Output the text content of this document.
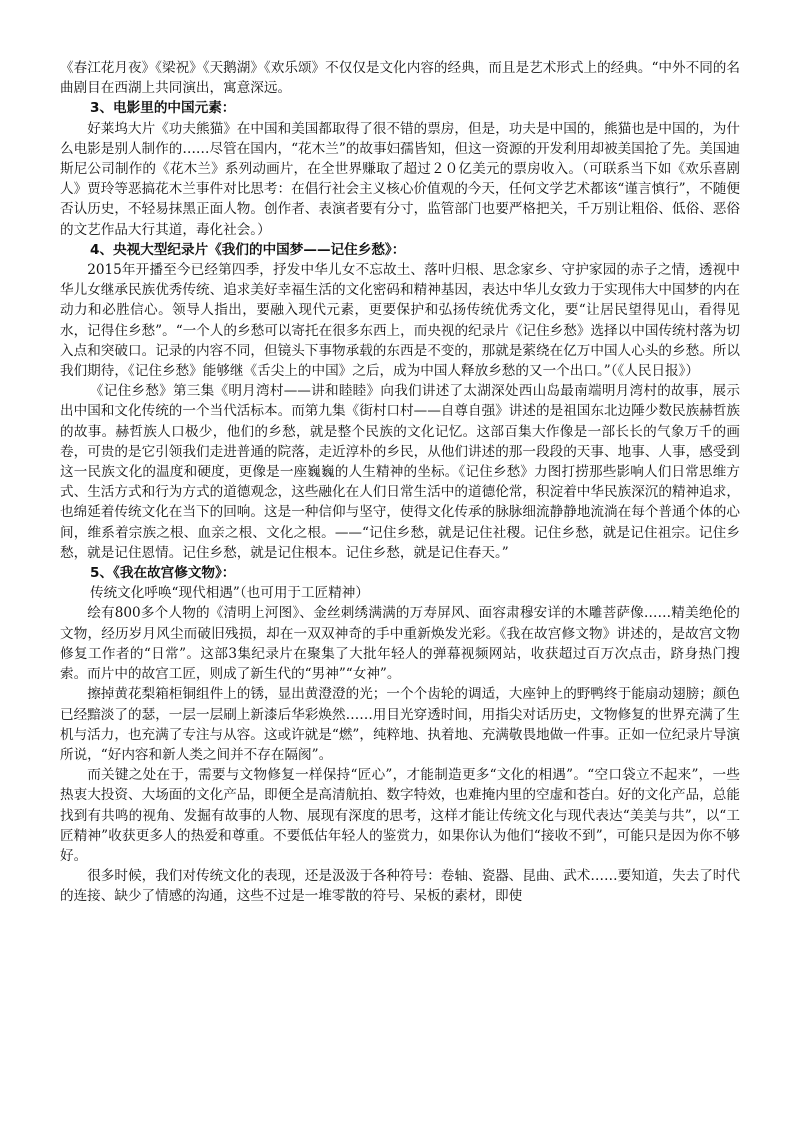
《春江花月夜》《梁祝》《天鹅湖》《欢乐颂》不仅仅是文化内容的经典，而且是艺术形式上的经典。“中外不同的名曲剧目在西湖上共同演出，寓意深远。

3、电影里的中国元素：

好莱坞大片《功夫熊猫》在中国和美国都取得了很不错的票房，但是，功夫是中国的，熊猫也是中国的，为什么电影是别人制作的……尽管在国内，“花木兰”的故事妇孺皆知，但这一资源的开发利用却被美国抢了先。美国迪斯尼公司制作的《花木兰》系列动画片，在全世界赚取了超过２０亿美元的票房收入。（可联系当下如《欢乐喜剧人》贾玲等恶搞花木兰事件对比思考：在倡行社会主义核心价值观的今天，任何文学艺术都该“谨言慎行”，不随便否认历史，不轻易抹黑正面人物。创作者、表演者要有分寸，监管部门也要严格把关，千万别让粗俗、低俗、恶俗的文艺作品大行其道，毒化社会。）

4、央视大型纪录片《我们的中国梦——记住乡愁》：

2015年开播至今已经第四季，抒发中华儿女不忘故土、落叶归根、思念家乡、守护家园的赤子之情，透视中华儿女继承民族优秀传统、追求美好幸福生活的文化密码和精神基因，表达中华儿女致力于实现伟大中国梦的内在动力和必胜信心。领导人指出，要融入现代元素，更要保护和弘扬传统优秀文化，要“让居民望得见山，看得见水，记得住乡愁”。“一个人的乡愁可以寄托在很多东西上，而央视的纪录片《记住乡愁》选择以中国传统村落为切入点和突破口。记录的内容不同，但镜头下事物承载的东西是不变的，那就是萦绕在亿万中国人心头的乡愁。所以我们期待，《记住乡愁》能够继《舌尖上的中国》之后，成为中国人释放乡愁的又一个出口。”（《人民日报》）

《记住乡愁》第三集《明月湾村——讲和睦睦》向我们讲述了太湖深处西山岛最南端明月湾村的故事，展示出中国和文化传统的一个当代活标本。而第九集《街村口村——自尊自强》讲述的是祖国东北边陲少数民族赫哲族的故事。赫哲族人口极少，他们的乡愁，就是整个民族的文化记忆。这部百集大作像是一部长长的气象万千的画卷，可贵的是它引领我们走进普通的院落，走近淳朴的乡民，从他们讲述的那一段段的天事、地事、人事，感受到这一民族文化的温度和硬度，更像是一座巍巍的人生精神的坐标。《记住乡愁》力图打捞那些影响人们日常思维方式、生活方式和行为方式的道德观念，这些融化在人们日常生活中的道德伦常，积淀着中华民族深沉的精神追求，也绵延着传统文化在当下的回响。这是一种信仰与坚守，使得文化传承的脉脉细流静静地流淌在每个普通个体的心间，维系着宗族之根、血亲之根、文化之根。——“记住乡愁，就是记住社稷。记住乡愁，就是记住祖宗。记住乡愁，就是记住恩情。记住乡愁，就是记住根本。记住乡愁，就是记住春天。”

5、《我在故宫修文物》：

传统文化呼唤“现代相遇”（也可用于工匠精神）

绘有800多个人物的《清明上河图》、金丝刺绣满满的万寿屏风、面容肃穆安详的木雕菩萨像……精美绝伦的文物，经历岁月风尘而破旧残损，却在一双双神奇的手中重新焕发光彩。《我在故宫修文物》讲述的，是故宫文物修复工作者的“日常”。这部3集纪录片在聚集了大批年轻人的弹幕视频网站，收获超过百万次点击，跻身热门搜索。而片中的故宫工匠，则成了新生代的“男神”“女神”。

擦掉黄花梨箱柜铜组件上的锈，显出黄澄澄的光；一个个齿轮的调适，大座钟上的野鸭终于能扇动翅膀；颜色已经黯淡了的瑟，一层一层刷上新漆后华彩焕然……用目光穿透时间，用指尖对话历史，文物修复的世界充满了生机与活力，也充满了专注与从容。这或许就是“燃”，纯粹地、执着地、充满敬畏地做一件事。正如一位纪录片导演所说，“好内容和新人类之间并不存在隔阂”。

而关键之处在于，需要与文物修复一样保持“匠心”，才能制造更多“文化的相遇”。“空口袋立不起来”，一些热衷大投资、大场面的文化产品，即便全是高清航拍、数字特效，也难掩内里的空虚和苍白。好的文化产品，总能找到有共鸣的视角、发掘有故事的人物、展现有深度的思考，这样才能让传统文化与现代表达“美美与共”，以“工匠精神”收获更多人的热爱和尊重。不要低估年轻人的鉴赏力，如果你认为他们“接收不到”，可能只是因为你不够好。

很多时候，我们对传统文化的表现，还是汲汲于各种符号：卷轴、瓷器、昆曲、武术……要知道，失去了时代的连接、缺少了情感的沟通，这些不过是一堆零散的符号、呆板的素材，即使
